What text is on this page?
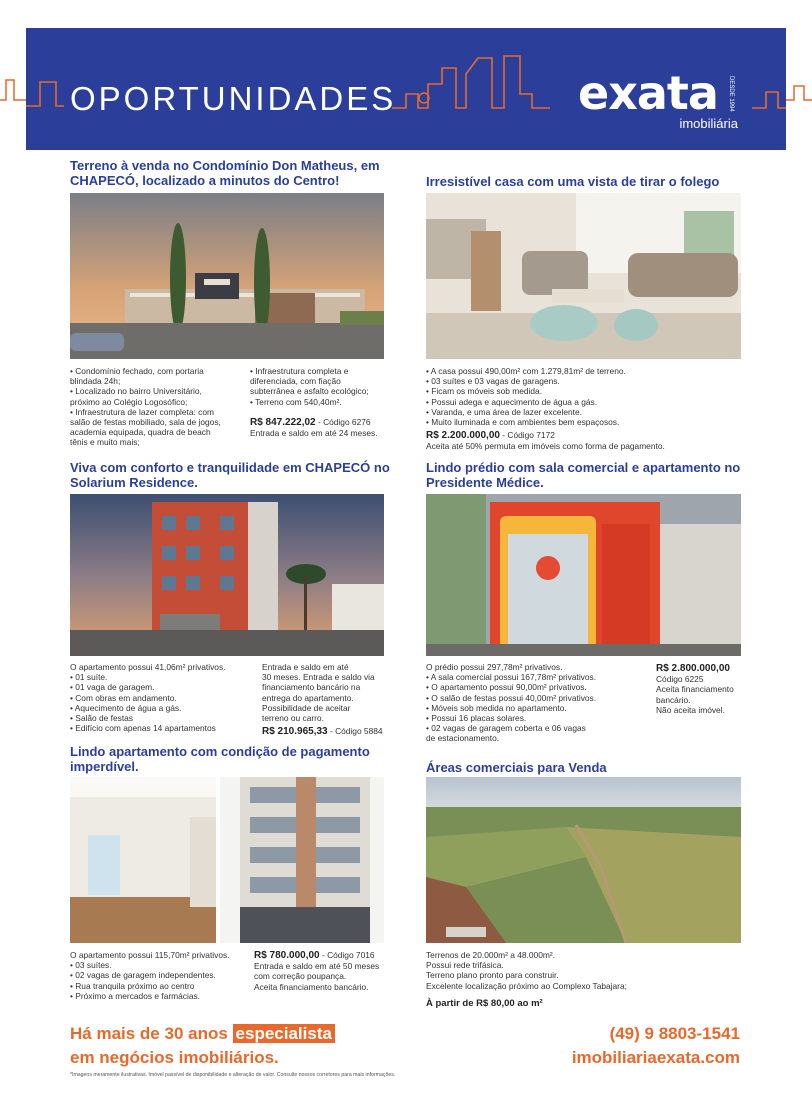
OPORTUNIDADES	exata
imobiliária
DESDE 1994
Terreno à venda no Condomínio Don Matheus, em CHAPECÓ, localizado a minutos do Centro!
• Condomínio fechado, com portaria
blindada 24h;
• Localizado no bairro Universitário,
próximo ao Colégio Logosófico;
• Infraestrutura de lazer completa: com
salão de festas mobiliado, sala de jogos,
academia equipada, quadra de beach
tênis e muito mais;
• Infraestrutura completa e
diferenciada, com fiação
subterrânea e asfalto ecológico;
• Terreno com 540,40m².
R$ 847.222,02 - Código 6276
Entrada e saldo em até 24 meses.
Irresistível casa com uma vista de tirar o folego
• A casa possui 490,00m² com 1.279,81m² de terreno.
• 03 suítes e 03 vagas de garagens.
• Ficam os móveis sob medida.
• Possui adega e aquecimento de água a gás.
• Varanda, e uma área de lazer excelente.
• Muito iluminada e com ambientes bem espaçosos.
R$ 2.200.000,00 - Código 7172
Aceita até 50% permuta em imóveis como forma de pagamento.
Viva com conforto e tranquilidade em CHAPECÓ no Solarium Residence.
O apartamento possui 41,06m² privativos.
• 01 suíte.
• 01 vaga de garagem.
• Com obras em andamento.
• Aquecimento de água a gás.
• Salão de festas
• Edifício com apenas 14 apartamentos
Entrada e saldo em até
30 meses. Entrada e saldo via
financiamento bancário na
entrega do apartamento.
Possibilidade de aceitar
terreno ou carro.
R$ 210.965,33 - Código 5884
Lindo prédio com sala comercial e apartamento no Presidente Médice.
O prédio possui 297,78m² privativos.
• A sala comercial possui 167,78m² privativos.
• O apartamento possui 90,00m² privativos.
• O salão de festas possui 40,00m² privativos.
• Móveis sob medida no apartamento.
• Possui 16 placas solares.
• 02 vagas de garagem coberta e 06 vagas
de estacionamento.
R$ 2.800.000,00
Código 6225
Aceita financiamento
bancário.
Não aceita imóvel.
Lindo apartamento com condição de pagamento imperdível.
O apartamento possui 115,70m² privativos.
• 03 suítes.
• 02 vagas de garagem independentes.
• Rua tranquila próximo ao centro
• Próximo a mercados e farmácias.
R$ 780.000,00 - Código 7016
Entrada e saldo em até 50 meses
com correção poupança.
Aceita financiamento bancário.
Áreas comerciais para Venda
Terrenos de 20.000m² a 48.000m².
Possui rede trifásica.
Terreno plano pronto para construir.
Excelente localização próximo ao Complexo Tabajara;
À partir de R$ 80,00 ao m²
Há mais de 30 anos especialista
em negócios imobiliários.
(49) 9 8803-1541
imobiliariaexata.com
*Imagens meramente ilustrativas. Imóvel passível de disponibilidade e alteração de valor. Consulte nossos corretores para mais informações.
